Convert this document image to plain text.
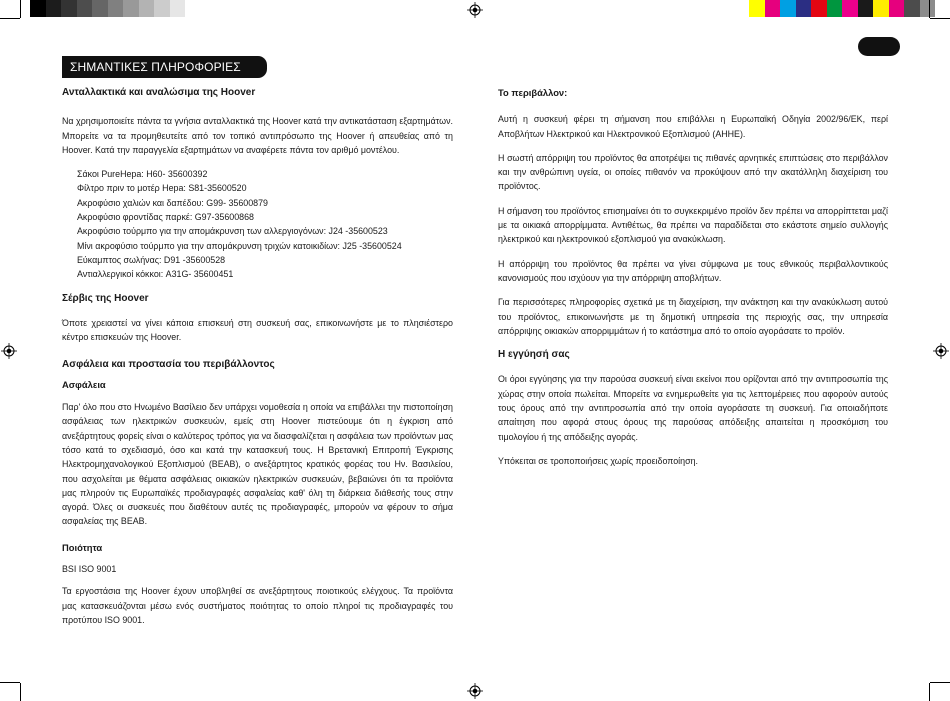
ΣΗΜΑΝΤΙΚΕΣ ΠΛΗΡΟΦΟΡΙΕΣ
Ανταλλακτικά και αναλώσιμα της Hoover

Να χρησιμοποιείτε πάντα τα γνήσια ανταλλακτικά της Hoover κατά την αντικατάσταση εξαρτημάτων. Μπορείτε να τα προμηθευτείτε από τον τοπικό αντιπρόσωπο της Hoover ή απευθείας από τη Hoover. Κατά την παραγγελία εξαρτημάτων να αναφέρετε πάντα τον αριθμό μοντέλου.

Σάκοι PureHepa: H60- 35600392
Φίλτρο πριν το μοτέρ Hepa: S81-35600520
Ακροφύσιο χαλιών και δαπέδου: G99- 35600879
Ακροφύσιο φροντίδας παρκέ: G97-35600868
Ακροφύσιο τούρμπο για την απομάκρυνση των αλλεργιογόνων: J24 -35600523
Μίνι ακροφύσιο τούρμπο για την απομάκρυνση τριχών κατοικιδίων: J25 -35600524
Εύκαμπτος σωλήνας: D91 -35600528
Αντιαλλεργικοί κόκκοι: A31G- 35600451
Σέρβις της Hoover

Όποτε χρειαστεί να γίνει κάποια επισκευή στη συσκευή σας, επικοινωνήστε με το πλησιέστερο κέντρο επισκευών της Hoover.

Ασφάλεια και προστασία του περιβάλλοντος
Ασφάλεια

Παρ' όλο που στο Ηνωμένο Βασίλειο δεν υπάρχει νομοθεσία η οποία να επιβάλλει την πιστοποίηση ασφάλειας των ηλεκτρικών συσκευών, εμείς στη Hoover πιστεύουμε ότι η έγκριση από ανεξάρτητους φορείς είναι ο καλύτερος τρόπος για να διασφαλίζεται η ασφάλεια των προϊόντων μας τόσο κατά το σχεδιασμό, όσο και κατά την κατασκευή τους. Η Βρετανική Επιτροπή Έγκρισης Ηλεκτρομηχανολογικού Εξοπλισμού (BEAB), ο ανεξάρτητος κρατικός φορέας του Ην. Βασιλείου, που ασχολείται με θέματα ασφάλειας οικιακών ηλεκτρικών συσκευών, βεβαιώνει ότι τα προϊόντα μας πληρούν τις Ευρωπαϊκές προδιαγραφές ασφαλείας καθ' όλη τη διάρκεια διάθεσής τους στην αγορά. Όλες οι συσκευές που διαθέτουν αυτές τις προδιαγραφές, μπορούν να φέρουν το σήμα ασφαλείας της BEAB.

Ποιότητα

BSI ISO 9001

Τα εργοστάσια της Hoover έχουν υποβληθεί σε ανεξάρτητους ποιοτικούς ελέγχους. Τα προϊόντα μας κατασκευάζονται μέσω ενός συστήματος ποιότητας το οποίο πληροί τις προδιαγραφές του προτύπου ISO 9001.

Το περιβάλλον:

Αυτή η συσκευή φέρει τη σήμανση που επιβάλλει η Ευρωπαϊκή Οδηγία 2002/96/ΕΚ, περί Αποβλήτων Ηλεκτρικού και Ηλεκτρονικού Εξοπλισμού (ΑΗΗΕ).

Η σωστή απόρριψη του προϊόντος θα αποτρέψει τις πιθανές αρνητικές επιπτώσεις στο περιβάλλον και την ανθρώπινη υγεία, οι οποίες πιθανόν να προκύψουν από την ακατάλληλη διαχείριση του προϊόντος.

Η σήμανση του προϊόντος επισημαίνει ότι το συγκεκριμένο προϊόν δεν πρέπει να απορρίπτεται μαζί με τα οικιακά απορρίμματα. Αντιθέτως, θα πρέπει να παραδίδεται στο εκάστοτε σημείο συλλογής ηλεκτρικού και ηλεκτρονικού εξοπλισμού για ανακύκλωση.

Η απόρριψη του προϊόντος θα πρέπει να γίνει σύμφωνα με τους εθνικούς περιβαλλοντικούς κανονισμούς που ισχύουν για την απόρριψη αποβλήτων.

Για περισσότερες πληροφορίες σχετικά με τη διαχείριση, την ανάκτηση και την ανακύκλωση αυτού του προϊόντος, επικοινωνήστε με τη δημοτική υπηρεσία της περιοχής σας, την υπηρεσία απόρριψης οικιακών απορριμμάτων ή το κατάστημα από το οποίο αγοράσατε το προϊόν.

Η εγγύησή σας

Οι όροι εγγύησης για την παρούσα συσκευή είναι εκείνοι που ορίζονται από την αντιπροσωπία της χώρας στην οποία πωλείται. Μπορείτε να ενημερωθείτε για τις λεπτομέρειες που αφορούν αυτούς τους όρους από την αντιπροσωπία από την οποία αγοράσατε τη συσκευή. Για οποιαδήποτε απαίτηση που αφορά στους όρους της παρούσας απόδειξης απαιτείται η προσκόμιση του τιμολογίου ή της απόδειξης αγοράς.

Υπόκειται σε τροποποιήσεις χωρίς προειδοποίηση.
